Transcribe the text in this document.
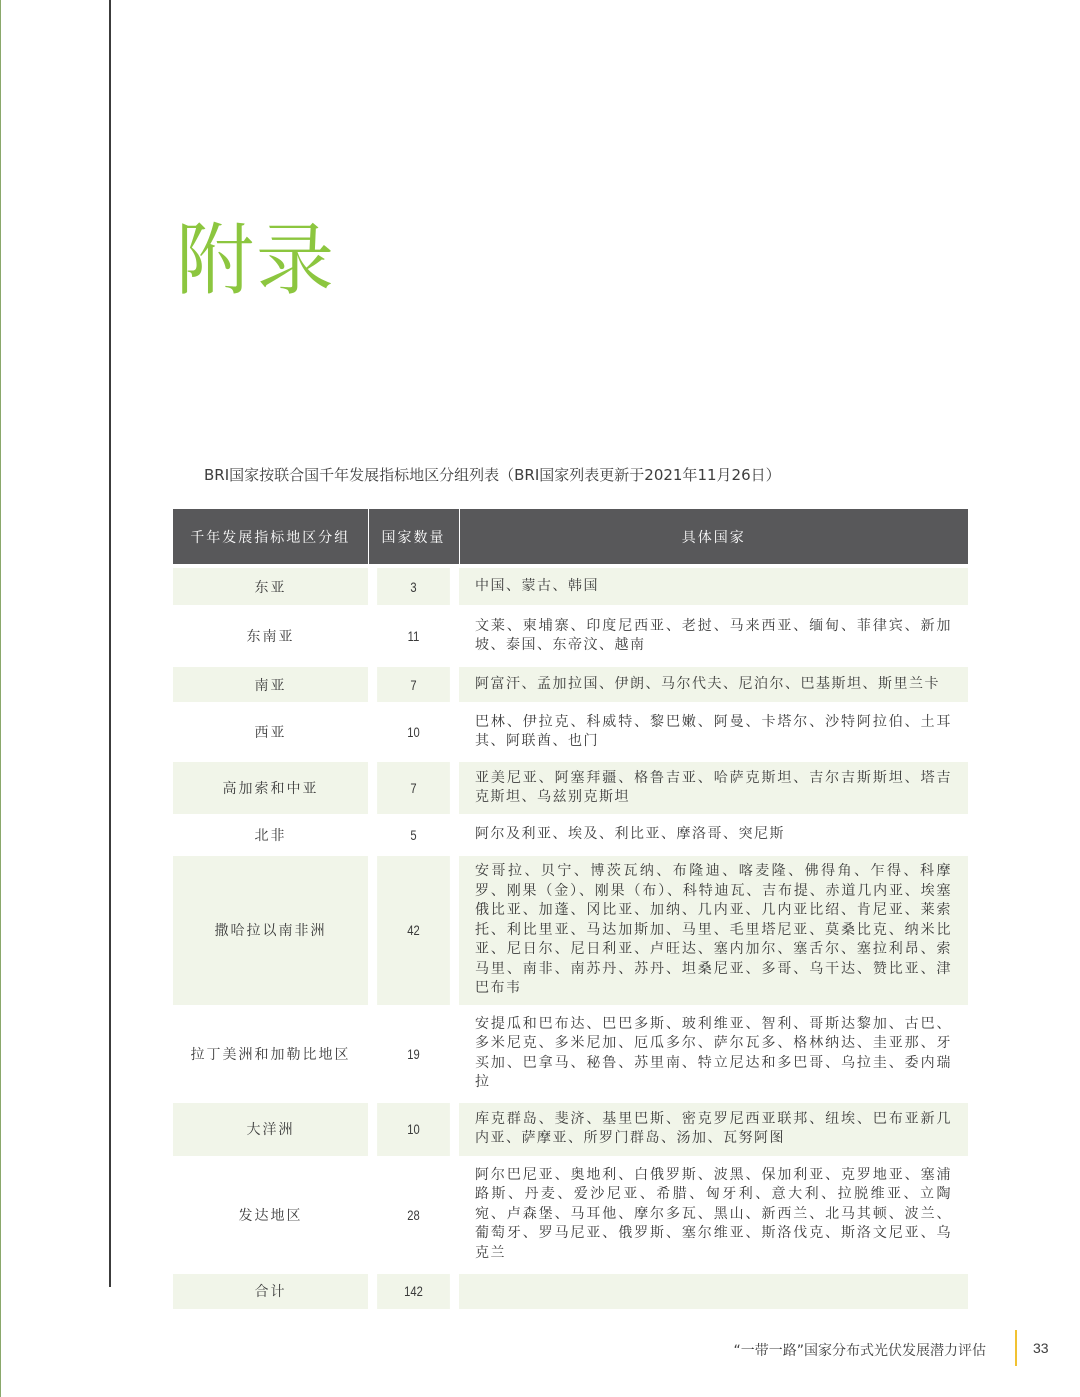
附录
BRI国家按联合国千年发展指标地区分组列表（BRI国家列表更新于2021年11月26日）
千年发展指标地区分组	国家数量	具体国家
东亚	3	中国、蒙古、韩国
东南亚	11	文莱、柬埔寨、印度尼西亚、老挝、马来西亚、缅甸、菲律宾、新加坡、泰国、东帝汶、越南
南亚	7	阿富汗、孟加拉国、伊朗、马尔代夫、尼泊尔、巴基斯坦、斯里兰卡
西亚	10	巴林、伊拉克、科威特、黎巴嫩、阿曼、卡塔尔、沙特阿拉伯、土耳其、阿联酋、也门
高加索和中亚	7	亚美尼亚、阿塞拜疆、格鲁吉亚、哈萨克斯坦、吉尔吉斯斯坦、塔吉克斯坦、乌兹别克斯坦
北非	5	阿尔及利亚、埃及、利比亚、摩洛哥、突尼斯
撒哈拉以南非洲	42	安哥拉、贝宁、博茨瓦纳、布隆迪、喀麦隆、佛得角、乍得、科摩罗、刚果（金）、刚果（布）、科特迪瓦、吉布提、赤道几内亚、埃塞俄比亚、加蓬、冈比亚、加纳、几内亚、几内亚比绍、肯尼亚、莱索托、利比里亚、马达加斯加、马里、毛里塔尼亚、莫桑比克、纳米比亚、尼日尔、尼日利亚、卢旺达、塞内加尔、塞舌尔、塞拉利昂、索马里、南非、南苏丹、苏丹、坦桑尼亚、多哥、乌干达、赞比亚、津巴布韦
拉丁美洲和加勒比地区	19	安提瓜和巴布达、巴巴多斯、玻利维亚、智利、哥斯达黎加、古巴、多米尼克、多米尼加、厄瓜多尔、萨尔瓦多、格林纳达、圭亚那、牙买加、巴拿马、秘鲁、苏里南、特立尼达和多巴哥、乌拉圭、委内瑞拉
大洋洲	10	库克群岛、斐济、基里巴斯、密克罗尼西亚联邦、纽埃、巴布亚新几内亚、萨摩亚、所罗门群岛、汤加、瓦努阿图
发达地区	28	阿尔巴尼亚、奥地利、白俄罗斯、波黑、保加利亚、克罗地亚、塞浦路斯、丹麦、爱沙尼亚、希腊、匈牙利、意大利、拉脱维亚、立陶宛、卢森堡、马耳他、摩尔多瓦、黑山、新西兰、北马其顿、波兰、葡萄牙、罗马尼亚、俄罗斯、塞尔维亚、斯洛伐克、斯洛文尼亚、乌克兰
合计	142	
“一带一路”国家分布式光伏发展潜力评估	33
